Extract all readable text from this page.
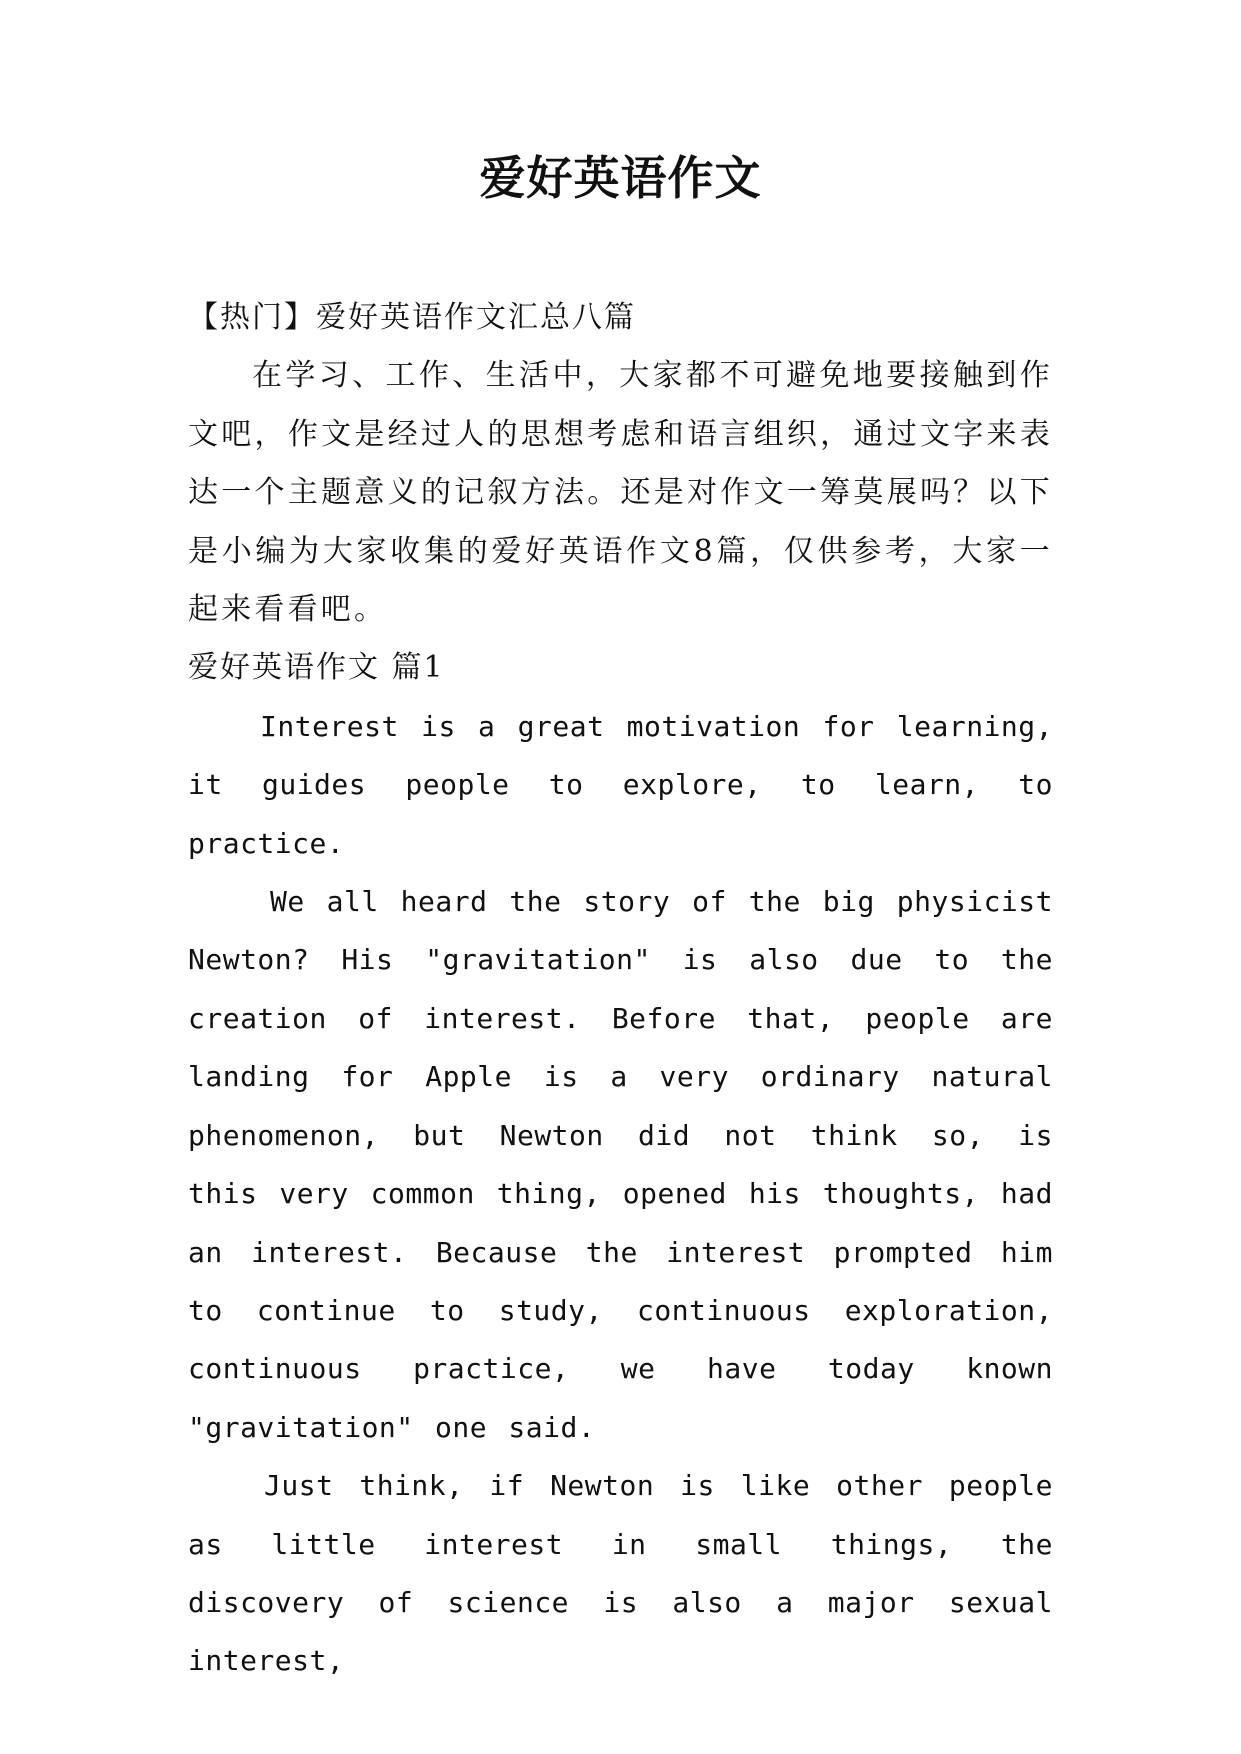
爱好英语作文

【热门】爱好英语作文汇总八篇

在学习、工作、生活中，大家都不可避免地要接触到作文吧，作文是经过人的思想考虑和语言组织，通过文字来表达一个主题意义的记叙方法。还是对作文一筹莫展吗？以下是小编为大家收集的爱好英语作文8篇，仅供参考，大家一起来看看吧。

爱好英语作文 篇1

Interest is a great motivation for learning, it guides people to explore, to learn, to practice.

We all heard the story of the big physicist Newton? His "gravitation" is also due to the creation of interest. Before that, people are landing for Apple is a very ordinary natural phenomenon, but Newton did not think so, is this very common thing, opened his thoughts, had an interest. Because the interest prompted him to continue to study, continuous exploration, continuous practice, we have today known "gravitation" one said.

Just think, if Newton is like other people as little interest in small things, the discovery of science is also a major sexual interest,
